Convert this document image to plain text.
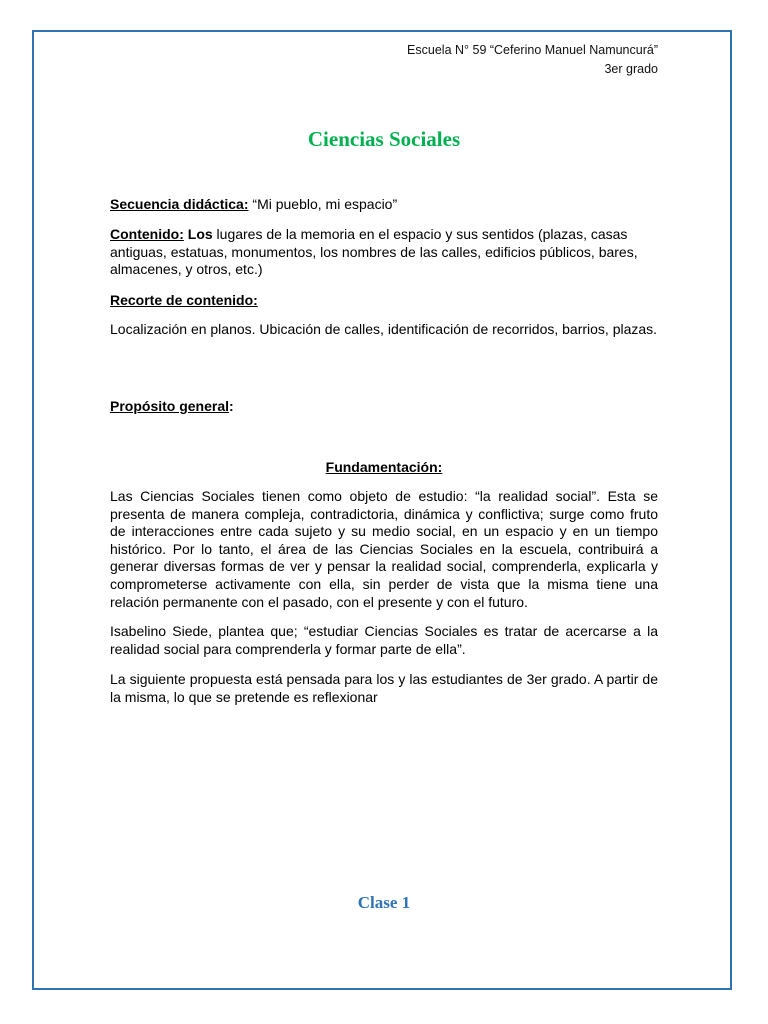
Escuela N° 59 “Ceferino Manuel Namuncurá”
3er grado
Ciencias Sociales
Secuencia didáctica: “Mi pueblo, mi espacio”
Contenido: Los lugares de la memoria en el espacio y sus sentidos (plazas, casas antiguas, estatuas, monumentos, los nombres de las calles, edificios públicos, bares, almacenes, y otros, etc.)
Recorte de contenido:
Localización en planos. Ubicación de calles, identificación de recorridos, barrios, plazas.
Propósito general:
Fundamentación:
Las Ciencias Sociales tienen como objeto de estudio: “la realidad social”. Esta se presenta de manera compleja, contradictoria, dinámica y conflictiva; surge como fruto de interacciones entre cada sujeto y su medio social, en un espacio y en un tiempo histórico. Por lo tanto, el área de las Ciencias Sociales en la escuela, contribuirá a generar diversas formas de ver y pensar la realidad social, comprenderla, explicarla y comprometerse activamente con ella, sin perder de vista que la misma tiene una relación permanente con el pasado, con el presente y con el futuro.
Isabelino Siede, plantea que; “estudiar Ciencias Sociales es tratar de acercarse a la realidad social para comprenderla y formar parte de ella”.
La siguiente propuesta está pensada para los y las estudiantes de 3er grado. A partir de la misma, lo que se pretende es reflexionar
Clase 1
